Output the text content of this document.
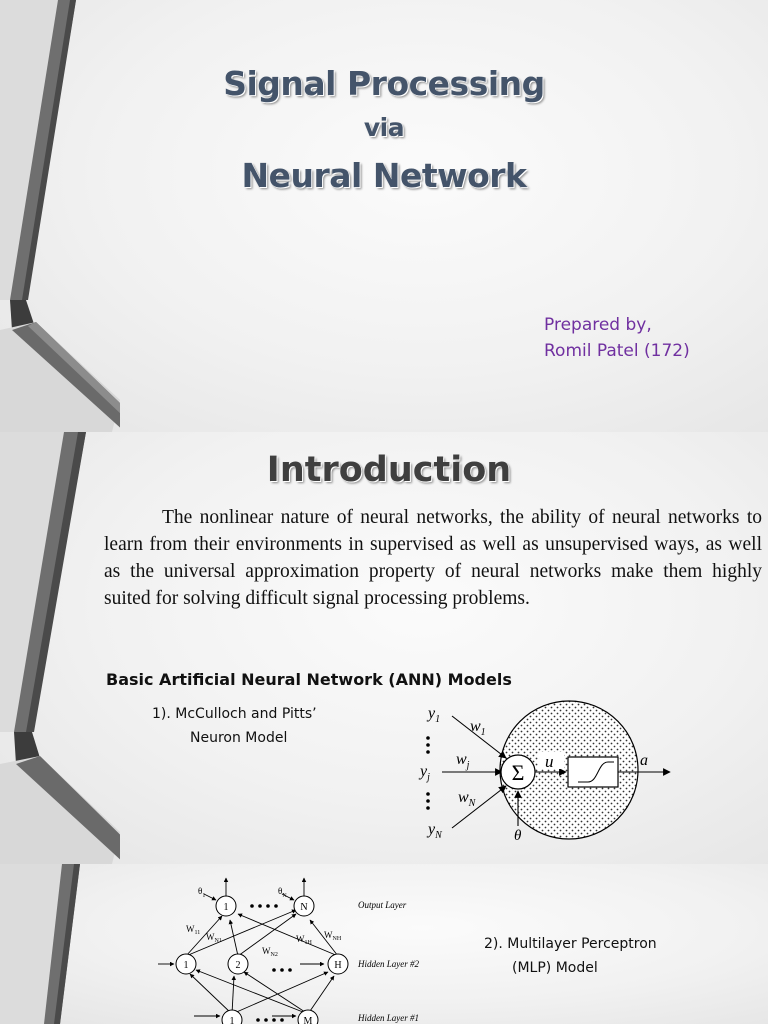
Signal Processing
via
Neural Network
Prepared by,
Romil Patel (172)
Introduction

The nonlinear nature of neural networks, the ability of neural networks to learn from their environments in supervised as well as unsupervised ways, as well as the universal approximation property of neural networks make them highly suited for solving difficult signal processing problems.

Basic Artificial Neural Network (ANN) Models

1). McCulloch and Pitts’
Neuron Model

Σ u	a
$y_1$ $w_1$
$y_j$
$w_j$
$w_N$
$y_N$	θ

2). Multilayer Perceptron
(MLP) Model

1	N
1	2	H
1	M
$\theta_1$	$\theta_N$
$W_{11}$ $W_{N1}$
$W_{N2}$
$W_{1H}$
$W_{NH}$
Output Layer
Hidden Layer #2
Hidden Layer #1
